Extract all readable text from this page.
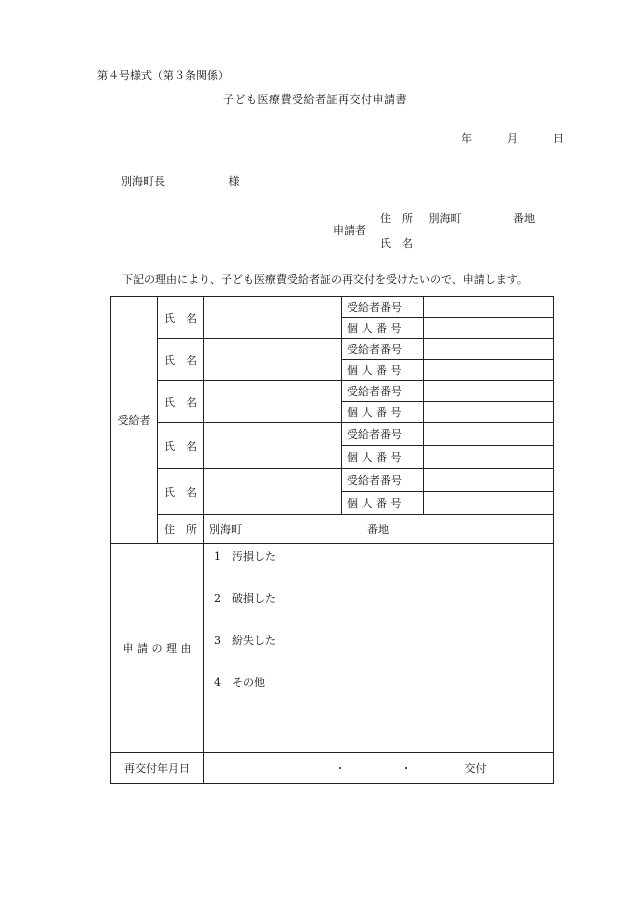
第４号様式（第３条関係）
子ども医療費受給者証再交付申請書
年	月	日
別海町長	様
申請者
住　所 別海町	番地
氏　名
下記の理由により、子ども医療費受給者証の再交付を受けたいので、申請します。
受給者	氏　名		受給者番号	
			個 人 番 号	
	氏　名		受給者番号	
			個 人 番 号	
	氏　名		受給者番号	
			個 人 番 号	
	氏　名		受給者番号	
			個 人 番 号	
	氏　名		受給者番号	
			個 人 番 号	
	住　所	別海町 番地		
申 請 の 理 由		1　汚損した
2　破損した
3　紛失した
4　その他		

再交付年月日		・ ・ 交付		
